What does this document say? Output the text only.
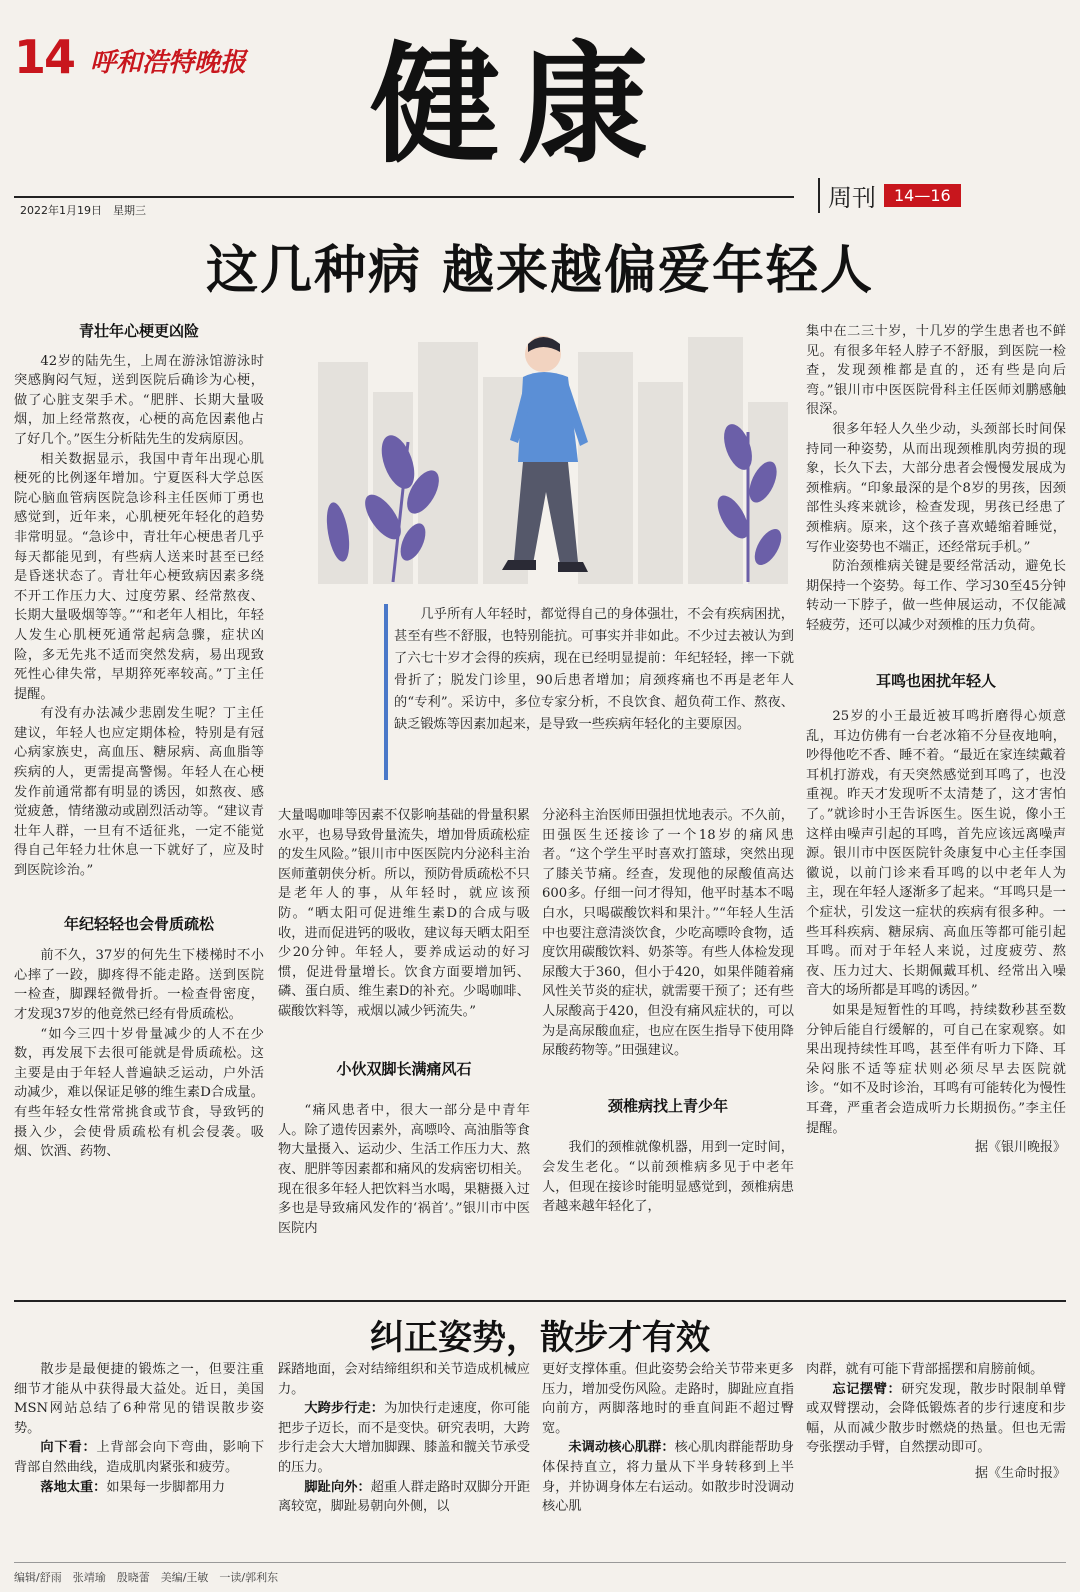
14 呼和浩特晚报 健康
2022年1月19日　星期三	周刊	14—16
这几种病 越来越偏爱年轻人
青壮年心梗更凶险

42岁的陆先生，上周在游泳馆游泳时突感胸闷气短，送到医院后确诊为心梗，做了心脏支架手术。“肥胖、长期大量吸烟，加上经常熬夜，心梗的高危因素他占了好几个。”医生分析陆先生的发病原因。

相关数据显示，我国中青年出现心肌梗死的比例逐年增加。宁夏医科大学总医院心脑血管病医院急诊科主任医师丁勇也感觉到，近年来，心肌梗死年轻化的趋势非常明显。“急诊中，青壮年心梗患者几乎每天都能见到，有些病人送来时甚至已经是昏迷状态了。青壮年心梗致病因素多绕不开工作压力大、过度劳累、经常熬夜、长期大量吸烟等等。”“和老年人相比，年轻人发生心肌梗死通常起病急骤，症状凶险，多无先兆不适而突然发病，易出现致死性心律失常，早期猝死率较高。”丁主任提醒。

有没有办法减少悲剧发生呢？丁主任建议，年轻人也应定期体检，特别是有冠心病家族史，高血压、糖尿病、高血脂等疾病的人，更需提高警惕。年轻人在心梗发作前通常都有明显的诱因，如熬夜、感觉疲惫，情绪激动或剧烈活动等。“建议青壮年人群，一旦有不适征兆，一定不能觉得自己年轻力壮休息一下就好了，应及时到医院诊治。”

年纪轻轻也会骨质疏松

前不久，37岁的何先生下楼梯时不小心摔了一跤，脚疼得不能走路。送到医院一检查，脚踝轻微骨折。一检查骨密度，才发现37岁的他竟然已经有骨质疏松。

“如今三四十岁骨量减少的人不在少数，再发展下去很可能就是骨质疏松。这主要是由于年轻人普遍缺乏运动，户外活动减少，难以保证足够的维生素D合成量。有些年轻女性常常挑食或节食，导致钙的摄入少，会使骨质疏松有机会侵袭。吸烟、饮酒、药物、

几乎所有人年轻时，都觉得自己的身体强壮，不会有疾病困扰，甚至有些不舒服，也特别能抗。可事实并非如此。不少过去被认为到了六七十岁才会得的疾病，现在已经明显提前：年纪轻轻，摔一下就骨折了；脱发门诊里，90后患者增加；肩颈疼痛也不再是老年人的“专利”。采访中，多位专家分析，不良饮食、超负荷工作、熬夜、缺乏锻炼等因素加起来，是导致一些疾病年轻化的主要原因。

大量喝咖啡等因素不仅影响基础的骨量积累水平，也易导致骨量流失，增加骨质疏松症的发生风险。”银川市中医医院内分泌科主治医师董朝侠分析。所以，预防骨质疏松不只是老年人的事，从年轻时，就应该预防。“晒太阳可促进维生素D的合成与吸收，进而促进钙的吸收，建议每天晒太阳至少20分钟。年轻人，要养成运动的好习惯，促进骨量增长。饮食方面要增加钙、磷、蛋白质、维生素D的补充。少喝咖啡、碳酸饮料等，戒烟以减少钙流失。”

小伙双脚长满痛风石

“痛风患者中，很大一部分是中青年人。除了遗传因素外，高嘌呤、高油脂等食物大量摄入、运动少、生活工作压力大、熬夜、肥胖等因素都和痛风的发病密切相关。现在很多年轻人把饮料当水喝，果糖摄入过多也是导致痛风发作的‘祸首’。”银川市中医医院内

分泌科主治医师田强担忧地表示。不久前，田强医生还接诊了一个18岁的痛风患者。“这个学生平时喜欢打篮球，突然出现了膝关节痛。经查，发现他的尿酸值高达600多。仔细一问才得知，他平时基本不喝白水，只喝碳酸饮料和果汁。”“年轻人生活中也要注意清淡饮食，少吃高嘌呤食物，适度饮用碳酸饮料、奶茶等。有些人体检发现尿酸大于360，但小于420，如果伴随着痛风性关节炎的症状，就需要干预了；还有些人尿酸高于420，但没有痛风症状的，可以为是高尿酸血症，也应在医生指导下使用降尿酸药物等。”田强建议。

颈椎病找上青少年

我们的颈椎就像机器，用到一定时间，会发生老化。“以前颈椎病多见于中老年人，但现在接诊时能明显感觉到，颈椎病患者越来越年轻化了，

集中在二三十岁，十几岁的学生患者也不鲜见。有很多年轻人脖子不舒服，到医院一检查，发现颈椎都是直的，还有些是向后弯。”银川市中医医院骨科主任医师刘鹏感触很深。

很多年轻人久坐少动，头颈部长时间保持同一种姿势，从而出现颈椎肌肉劳损的现象，长久下去，大部分患者会慢慢发展成为颈椎病。“印象最深的是个8岁的男孩，因颈部性头疼来就诊，检查发现，男孩已经患了颈椎病。原来，这个孩子喜欢蜷缩着睡觉，写作业姿势也不端正，还经常玩手机。”

防治颈椎病关键是要经常活动，避免长期保持一个姿势。每工作、学习30至45分钟转动一下脖子，做一些伸展运动，不仅能减轻疲劳，还可以减少对颈椎的压力负荷。

耳鸣也困扰年轻人

25岁的小王最近被耳鸣折磨得心烦意乱，耳边仿佛有一台老冰箱不分昼夜地响，吵得他吃不香、睡不着。“最近在家连续戴着耳机打游戏，有天突然感觉到耳鸣了，也没重视。昨天才发现听不太清楚了，这才害怕了。”就诊时小王告诉医生。医生说，像小王这样由噪声引起的耳鸣，首先应该远离噪声源。银川市中医医院针灸康复中心主任李国徽说，以前门诊来看耳鸣的以中老年人为主，现在年轻人逐渐多了起来。“耳鸣只是一个症状，引发这一症状的疾病有很多种。一些耳科疾病、糖尿病、高血压等都可能引起耳鸣。而对于年轻人来说，过度疲劳、熬夜、压力过大、长期佩戴耳机、经常出入噪音大的场所都是耳鸣的诱因。”

如果是短暂性的耳鸣，持续数秒甚至数分钟后能自行缓解的，可自己在家观察。如果出现持续性耳鸣，甚至伴有听力下降、耳朵闷胀不适等症状则必须尽早去医院就诊。“如不及时诊治，耳鸣有可能转化为慢性耳聋，严重者会造成听力长期损伤。”李主任提醒。

据《银川晚报》
纠正姿势，散步才有效

散步是最便捷的锻炼之一，但要注重细节才能从中获得最大益处。近日，美国MSN网站总结了6种常见的错误散步姿势。

向下看：上背部会向下弯曲，影响下背部自然曲线，造成肌肉紧张和疲劳。

落地太重：如果每一步脚都用力

踩踏地面，会对结缔组织和关节造成机械应力。

大跨步行走：为加快行走速度，你可能把步子迈长，而不是变快。研究表明，大跨步行走会大大增加脚踝、膝盖和髋关节承受的压力。

脚趾向外：超重人群走路时双脚分开距离较宽，脚趾易朝向外侧，以

更好支撑体重。但此姿势会给关节带来更多压力，增加受伤风险。走路时，脚趾应直指向前方，两脚落地时的垂直间距不超过臀宽。

未调动核心肌群：核心肌肉群能帮助身体保持直立，将力量从下半身转移到上半身，并协调身体左右运动。如散步时没调动核心肌

肉群，就有可能下背部摇摆和肩膀前倾。

忘记摆臂：研究发现，散步时限制单臂或双臂摆动，会降低锻炼者的步行速度和步幅，从而减少散步时燃烧的热量。但也无需夸张摆动手臂，自然摆动即可。

据《生命时报》
编辑/舒雨　张靖瑜　殷晓蕾　美编/王敏　一读/郭利东
